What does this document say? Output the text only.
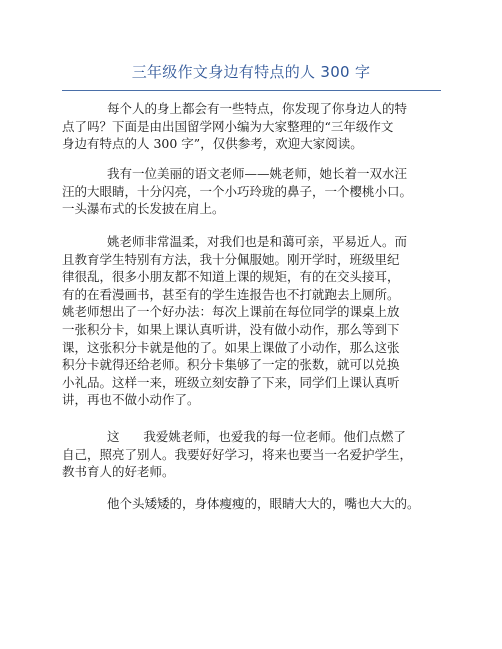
三年级作文身边有特点的人 300 字
每个人的身上都会有一些特点，你发现了你身边人的特
点了吗？下面是由出国留学网小编为大家整理的“三年级作文
身边有特点的人 300 字”，仅供参考，欢迎大家阅读。
我有一位美丽的语文老师——姚老师，她长着一双水汪
汪的大眼睛，十分闪亮，一个小巧玲珑的鼻子，一个樱桃小口。
一头瀑布式的长发披在肩上。
姚老师非常温柔，对我们也是和蔼可亲，平易近人。而
且教育学生特别有方法，我十分佩服她。刚开学时，班级里纪
律很乱，很多小朋友都不知道上课的规矩，有的在交头接耳，
有的在看漫画书，甚至有的学生连报告也不打就跑去上厕所。
姚老师想出了一个好办法：每次上课前在每位同学的课桌上放
一张积分卡，如果上课认真听讲，没有做小动作，那么等到下
课，这张积分卡就是他的了。如果上课做了小动作，那么这张
积分卡就得还给老师。积分卡集够了一定的张数，就可以兑换
小礼品。这样一来，班级立刻安静了下来，同学们上课认真听
讲，再也不做小动作了。
这      我爱姚老师，也爱我的每一位老师。他们点燃了
自己，照亮了别人。我要好好学习，将来也要当一名爱护学生，
教书育人的好老师。
他个头矮矮的，身体瘦瘦的，眼睛大大的，嘴也大大的。
